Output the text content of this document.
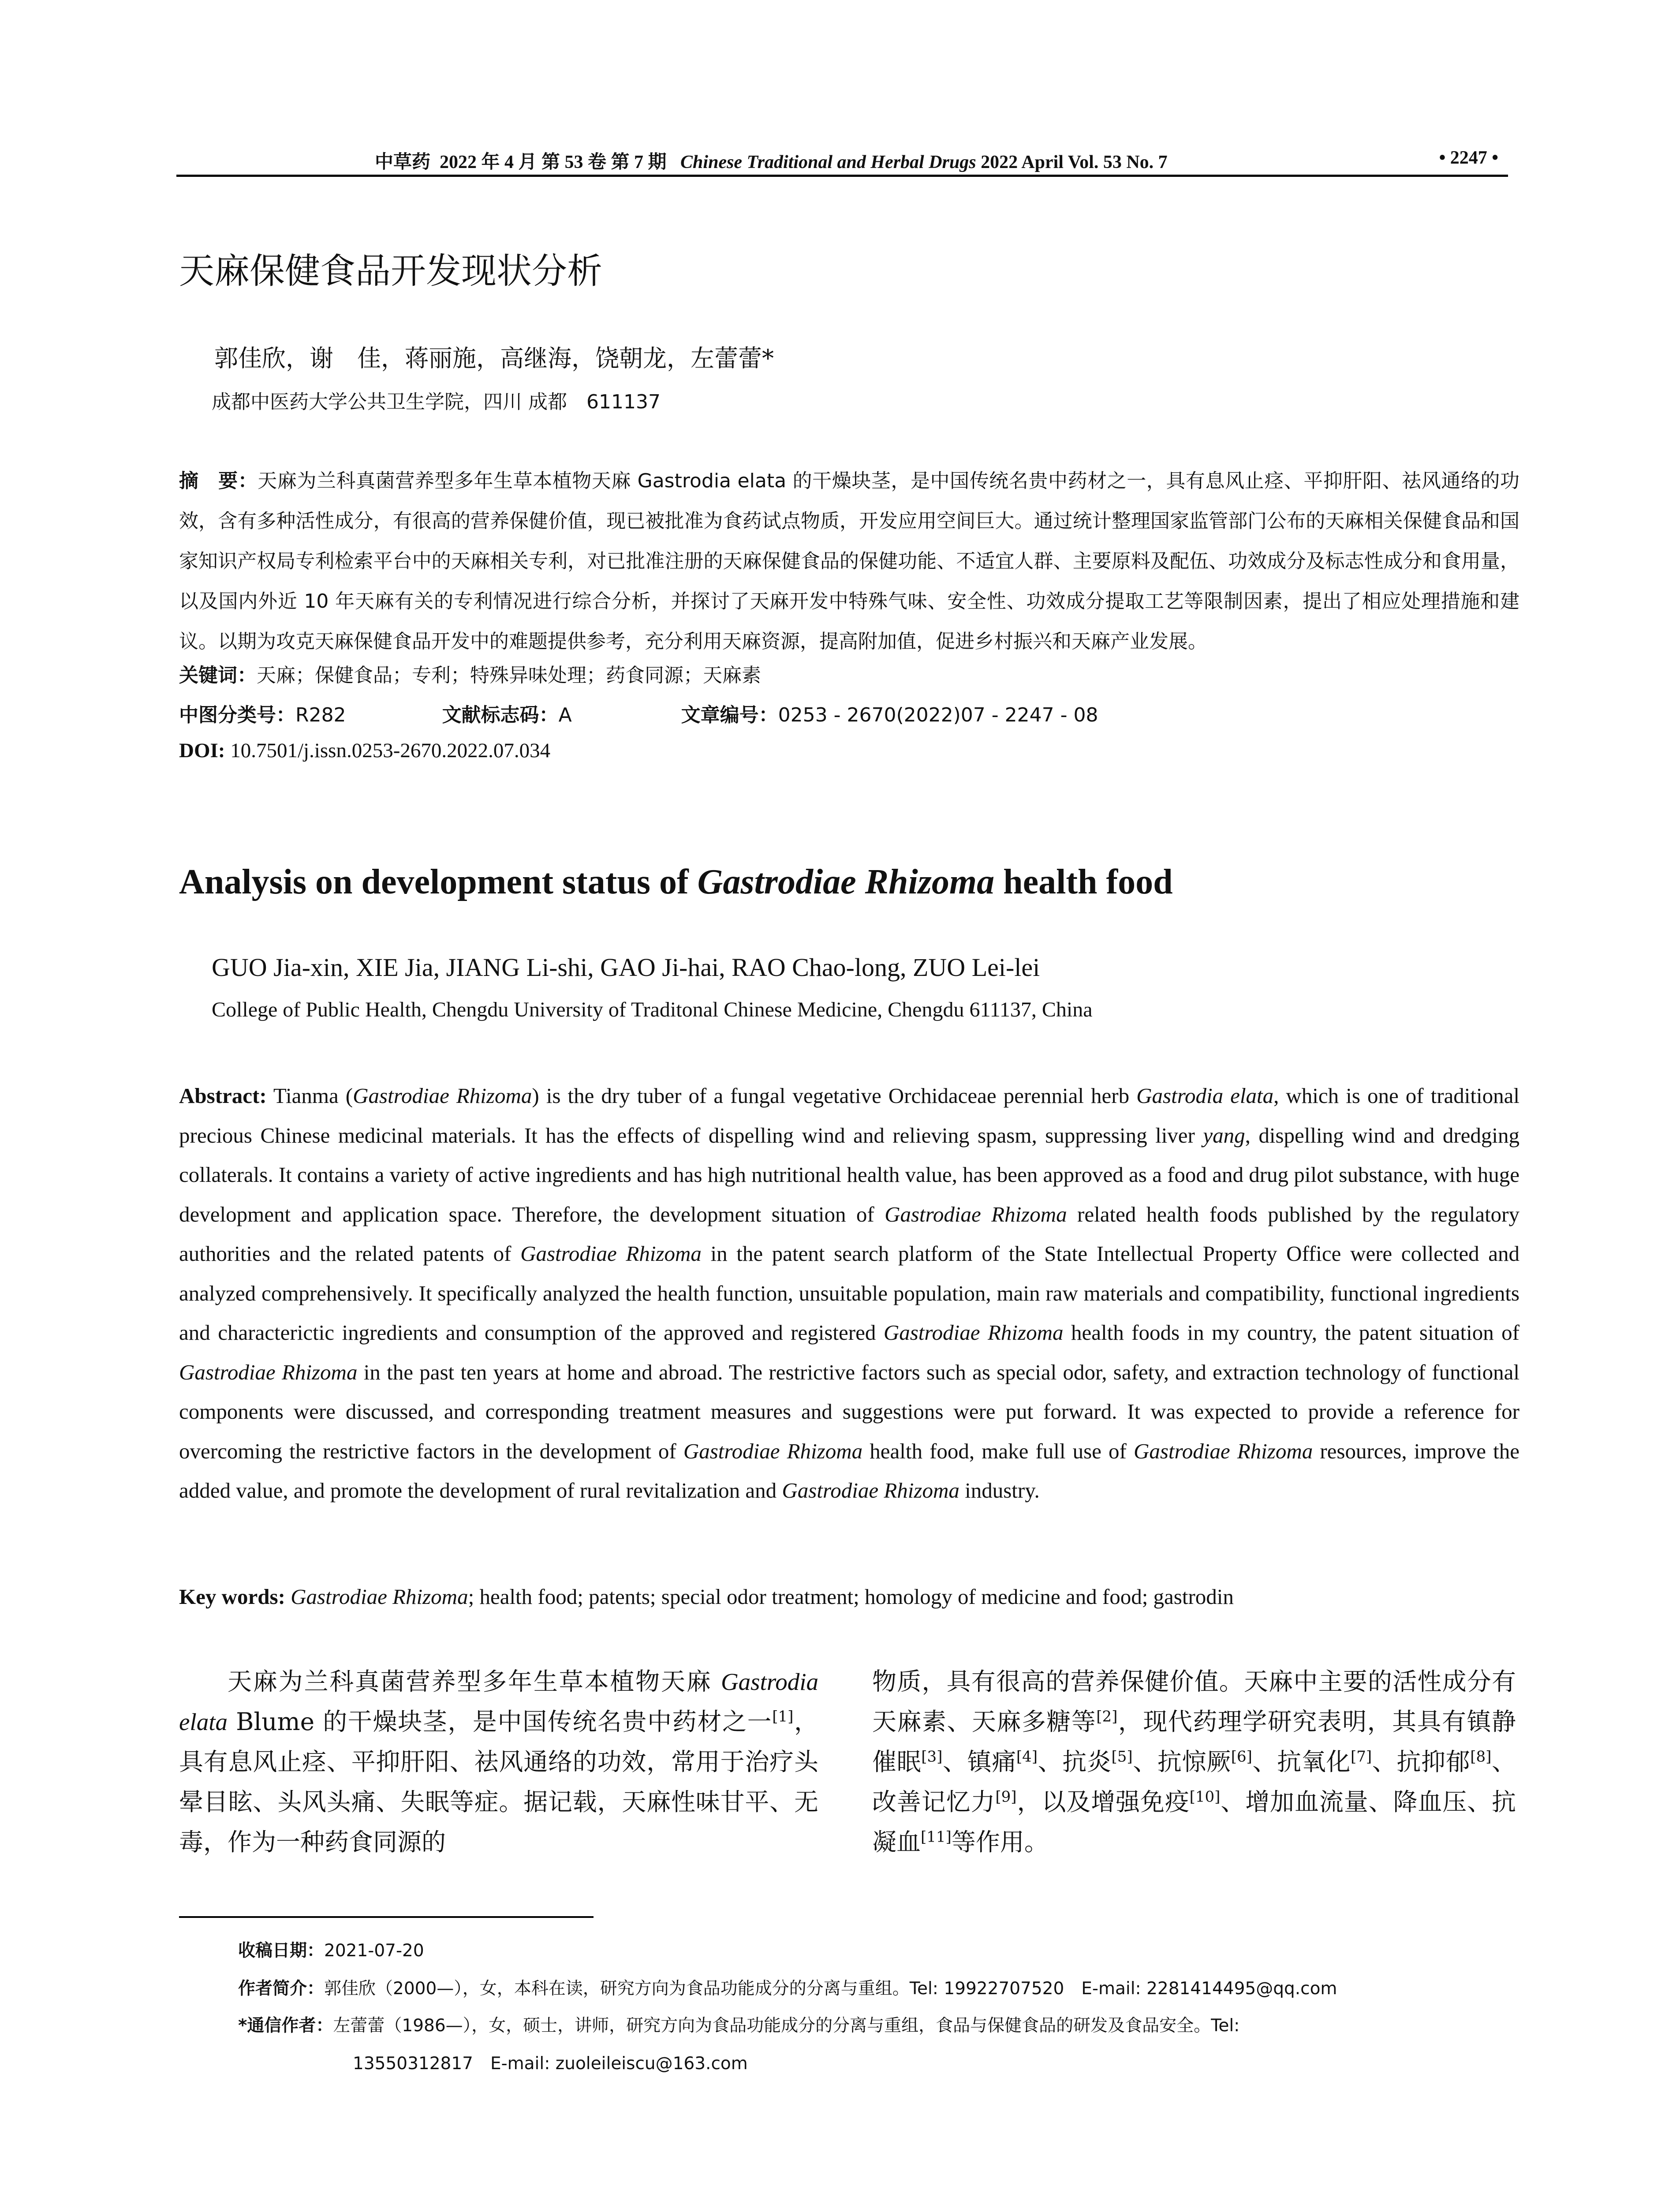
中草药 2022 年 4 月 第 53 卷 第 7 期 Chinese Traditional and Herbal Drugs 2022 April Vol. 53 No. 7	• 2247 •
天麻保健食品开发现状分析
郭佳欣，谢　佳，蒋丽施，高继海，饶朝龙，左蕾蕾*
成都中医药大学公共卫生学院，四川 成都　611137
摘　要：天麻为兰科真菌营养型多年生草本植物天麻 Gastrodia elata 的干燥块茎，是中国传统名贵中药材之一，具有息风止痉、平抑肝阳、祛风通络的功效，含有多种活性成分，有很高的营养保健价值，现已被批准为食药试点物质，开发应用空间巨大。通过统计整理国家监管部门公布的天麻相关保健食品和国家知识产权局专利检索平台中的天麻相关专利，对已批准注册的天麻保健食品的保健功能、不适宜人群、主要原料及配伍、功效成分及标志性成分和食用量，以及国内外近 10 年天麻有关的专利情况进行综合分析，并探讨了天麻开发中特殊气味、安全性、功效成分提取工艺等限制因素，提出了相应处理措施和建议。以期为攻克天麻保健食品开发中的难题提供参考，充分利用天麻资源，提高附加值，促进乡村振兴和天麻产业发展。
关键词：天麻；保健食品；专利；特殊异味处理；药食同源；天麻素
中图分类号：R282	文献标志码：A	文章编号：0253 - 2670(2022)07 - 2247 - 08
DOI: 10.7501/j.issn.0253-2670.2022.07.034
Analysis on development status of Gastrodiae Rhizoma health food
GUO Jia-xin, XIE Jia, JIANG Li-shi, GAO Ji-hai, RAO Chao-long, ZUO Lei-lei
College of Public Health, Chengdu University of Traditonal Chinese Medicine, Chengdu 611137, China
Abstract: Tianma (Gastrodiae Rhizoma) is the dry tuber of a fungal vegetative Orchidaceae perennial herb Gastrodia elata, which is one of traditional precious Chinese medicinal materials. It has the effects of dispelling wind and relieving spasm, suppressing liver yang, dispelling wind and dredging collaterals. It contains a variety of active ingredients and has high nutritional health value, has been approved as a food and drug pilot substance, with huge development and application space. Therefore, the development situation of Gastrodiae Rhizoma related health foods published by the regulatory authorities and the related patents of Gastrodiae Rhizoma in the patent search platform of the State Intellectual Property Office were collected and analyzed comprehensively. It specifically analyzed the health function, unsuitable population, main raw materials and compatibility, functional ingredients and characterictic ingredients and consumption of the approved and registered Gastrodiae Rhizoma health foods in my country, the patent situation of Gastrodiae Rhizoma in the past ten years at home and abroad. The restrictive factors such as special odor, safety, and extraction technology of functional components were discussed, and corresponding treatment measures and suggestions were put forward. It was expected to provide a reference for overcoming the restrictive factors in the development of Gastrodiae Rhizoma health food, make full use of Gastrodiae Rhizoma resources, improve the added value, and promote the development of rural revitalization and Gastrodiae Rhizoma industry.
Key words: Gastrodiae Rhizoma; health food; patents; special odor treatment; homology of medicine and food; gastrodin
天麻为兰科真菌营养型多年生草本植物天麻 Gastrodia elata Blume 的干燥块茎，是中国传统名贵中药材之一[1]，具有息风止痉、平抑肝阳、祛风通络的功效，常用于治疗头晕目眩、头风头痛、失眠等症。据记载，天麻性味甘平、无毒，作为一种药食同源的
物质，具有很高的营养保健价值。天麻中主要的活性成分有天麻素、天麻多糖等[2]，现代药理学研究表明，其具有镇静催眠[3]、镇痛[4]、抗炎[5]、抗惊厥[6]、抗氧化[7]、抗抑郁[8]、改善记忆力[9]，以及增强免疫[10]、增加血流量、降血压、抗凝血[11]等作用。
收稿日期：2021-07-20
作者简介：郭佳欣（2000—），女，本科在读，研究方向为食品功能成分的分离与重组。Tel: 19922707520　E-mail: 2281414495@qq.com
*通信作者：左蕾蕾（1986—），女，硕士，讲师，研究方向为食品功能成分的分离与重组，食品与保健食品的研发及食品安全。Tel:
13550312817　E-mail: zuoleileiscu@163.com
